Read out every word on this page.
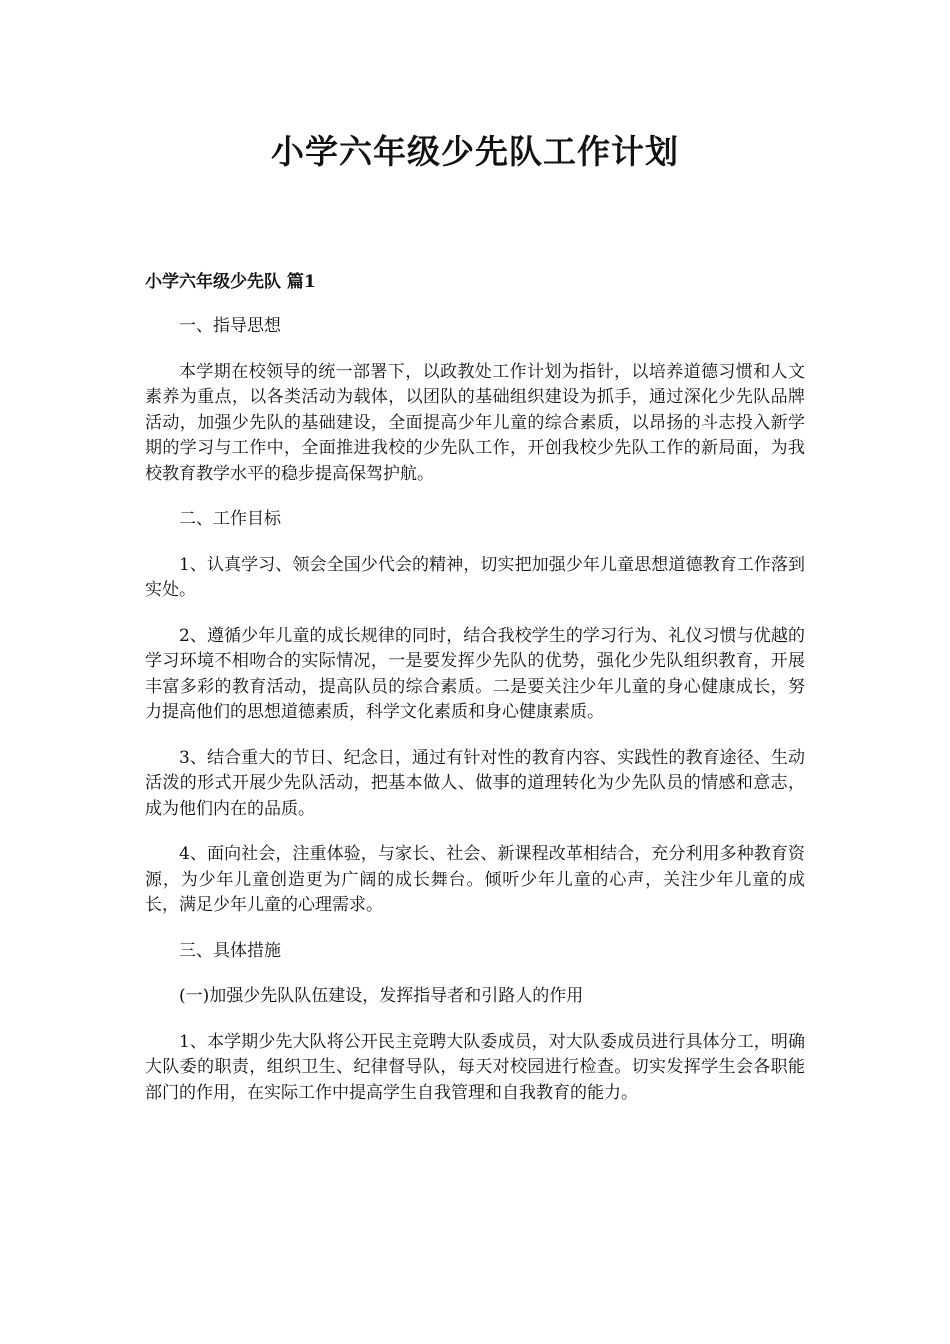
小学六年级少先队工作计划
小学六年级少先队 篇1

一、指导思想

本学期在校领导的统一部署下，以政教处工作计划为指针，以培养道德习惯和人文素养为重点，以各类活动为载体，以团队的基础组织建设为抓手，通过深化少先队品牌活动，加强少先队的基础建设，全面提高少年儿童的综合素质，以昂扬的斗志投入新学期的学习与工作中，全面推进我校的少先队工作，开创我校少先队工作的新局面，为我校教育教学水平的稳步提高保驾护航。

二、工作目标

1、认真学习、领会全国少代会的精神，切实把加强少年儿童思想道德教育工作落到实处。

2、遵循少年儿童的成长规律的同时，结合我校学生的学习行为、礼仪习惯与优越的学习环境不相吻合的实际情况，一是要发挥少先队的优势，强化少先队组织教育，开展丰富多彩的教育活动，提高队员的综合素质。二是要关注少年儿童的身心健康成长，努力提高他们的思想道德素质，科学文化素质和身心健康素质。

3、结合重大的节日、纪念日，通过有针对性的教育内容、实践性的教育途径、生动活泼的形式开展少先队活动，把基本做人、做事的道理转化为少先队员的情感和意志，成为他们内在的品质。

4、面向社会，注重体验，与家长、社会、新课程改革相结合，充分利用多种教育资源，为少年儿童创造更为广阔的成长舞台。倾听少年儿童的心声，关注少年儿童的成长，满足少年儿童的心理需求。

三、具体措施

(一)加强少先队队伍建设，发挥指导者和引路人的作用

1、本学期少先大队将公开民主竞聘大队委成员，对大队委成员进行具体分工，明确大队委的职责，组织卫生、纪律督导队，每天对校园进行检查。切实发挥学生会各职能部门的作用，在实际工作中提高学生自我管理和自我教育的能力。
